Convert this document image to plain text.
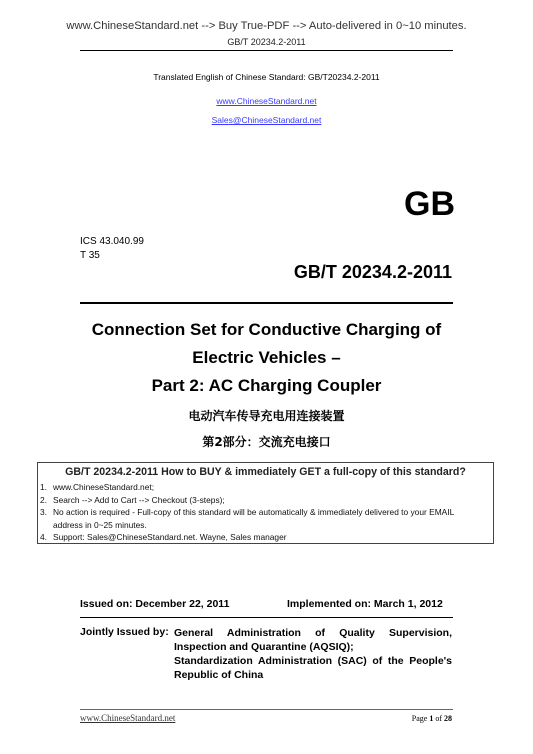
www.ChineseStandard.net --> Buy True-PDF --> Auto-delivered in 0~10 minutes.
GB/T 20234.2-2011
Translated English of Chinese Standard: GB/T20234.2-2011
www.ChineseStandard.net
Sales@ChineseStandard.net
GB
ICS 43.040.99
T 35
GB/T 20234.2-2011
Connection Set for Conductive Charging of
Electric Vehicles –
Part 2: AC Charging Coupler
电动汽车传导充电用连接装置
第2部分：交流充电接口
GB/T 20234.2-2011 How to BUY & immediately GET a full-copy of this standard?
1. www.ChineseStandard.net;
2. Search --> Add to Cart --> Checkout (3-steps);
3. No action is required - Full-copy of this standard will be automatically & immediately delivered to your EMAIL address in 0~25 minutes.
4. Support: Sales@ChineseStandard.net. Wayne, Sales manager
Issued on: December 22, 2011	Implemented on: March 1, 2012
Jointly Issued by: General Administration of Quality Supervision,
Inspection and Quarantine (AQSIQ);
Standardization Administration (SAC) of the People's
Republic of China
www.ChineseStandard.net	Page 1 of 28
